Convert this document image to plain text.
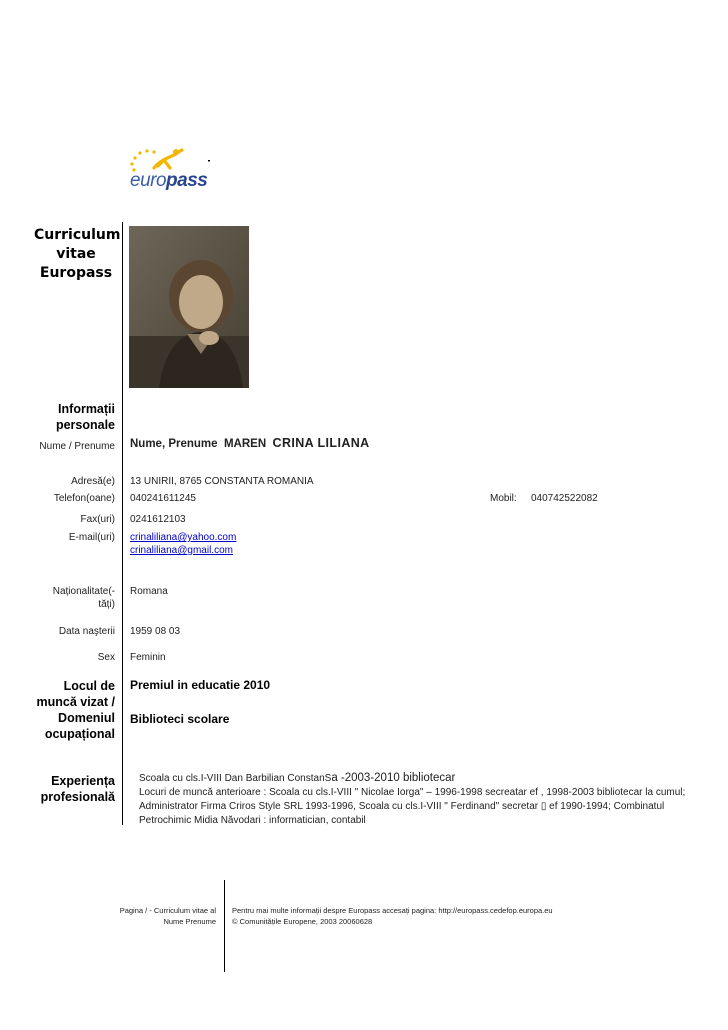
europass
Curriculum vitae Europass
Informații personale
Nume / Prenume Nume, Prenume MAREN CRINA LILIANA
Adresă(e) 13 UNIRII, 8765 CONSTANTA ROMANIA
Telefon(oane) 040241611245	Mobil: 040742522082
Fax(uri) 0241612103
E-mail(uri) crinaliliana@yahoo.com
crinaliliana@gmail.com
Naționalitate(-tăți)
Romana
Data naşterii 1959 08 03
Sex Feminin
Locul de muncă vizat / Domeniul ocupațional
Premiul in educatie 2010
Biblioteci scolare
Experiența profesională
Scoala cu cls.I-VIII Dan Barbilian ConstanSa -2003-2010 bibliotecar
Locuri de muncă anterioare : Scoala cu cls.I-VIII " Nicolae Iorga" – 1996-1998 secreatar ef , 1998-2003 bibliotecar la cumul;
Administrator Firma Criros Style SRL 1993-1996, Scoala cu cls.I-VIII " Ferdinand" secretar ▯ ef 1990-1994; Combinatul
Petrochimic Midia Năvodari : informatician, contabil
Pagina / - Curriculum vitae al
Nume Prenume
Pentru mai multe informații despre Europass accesați pagina: http://europass.cedefop.europa.eu
© Comunitățile Europene, 2003 20060628
